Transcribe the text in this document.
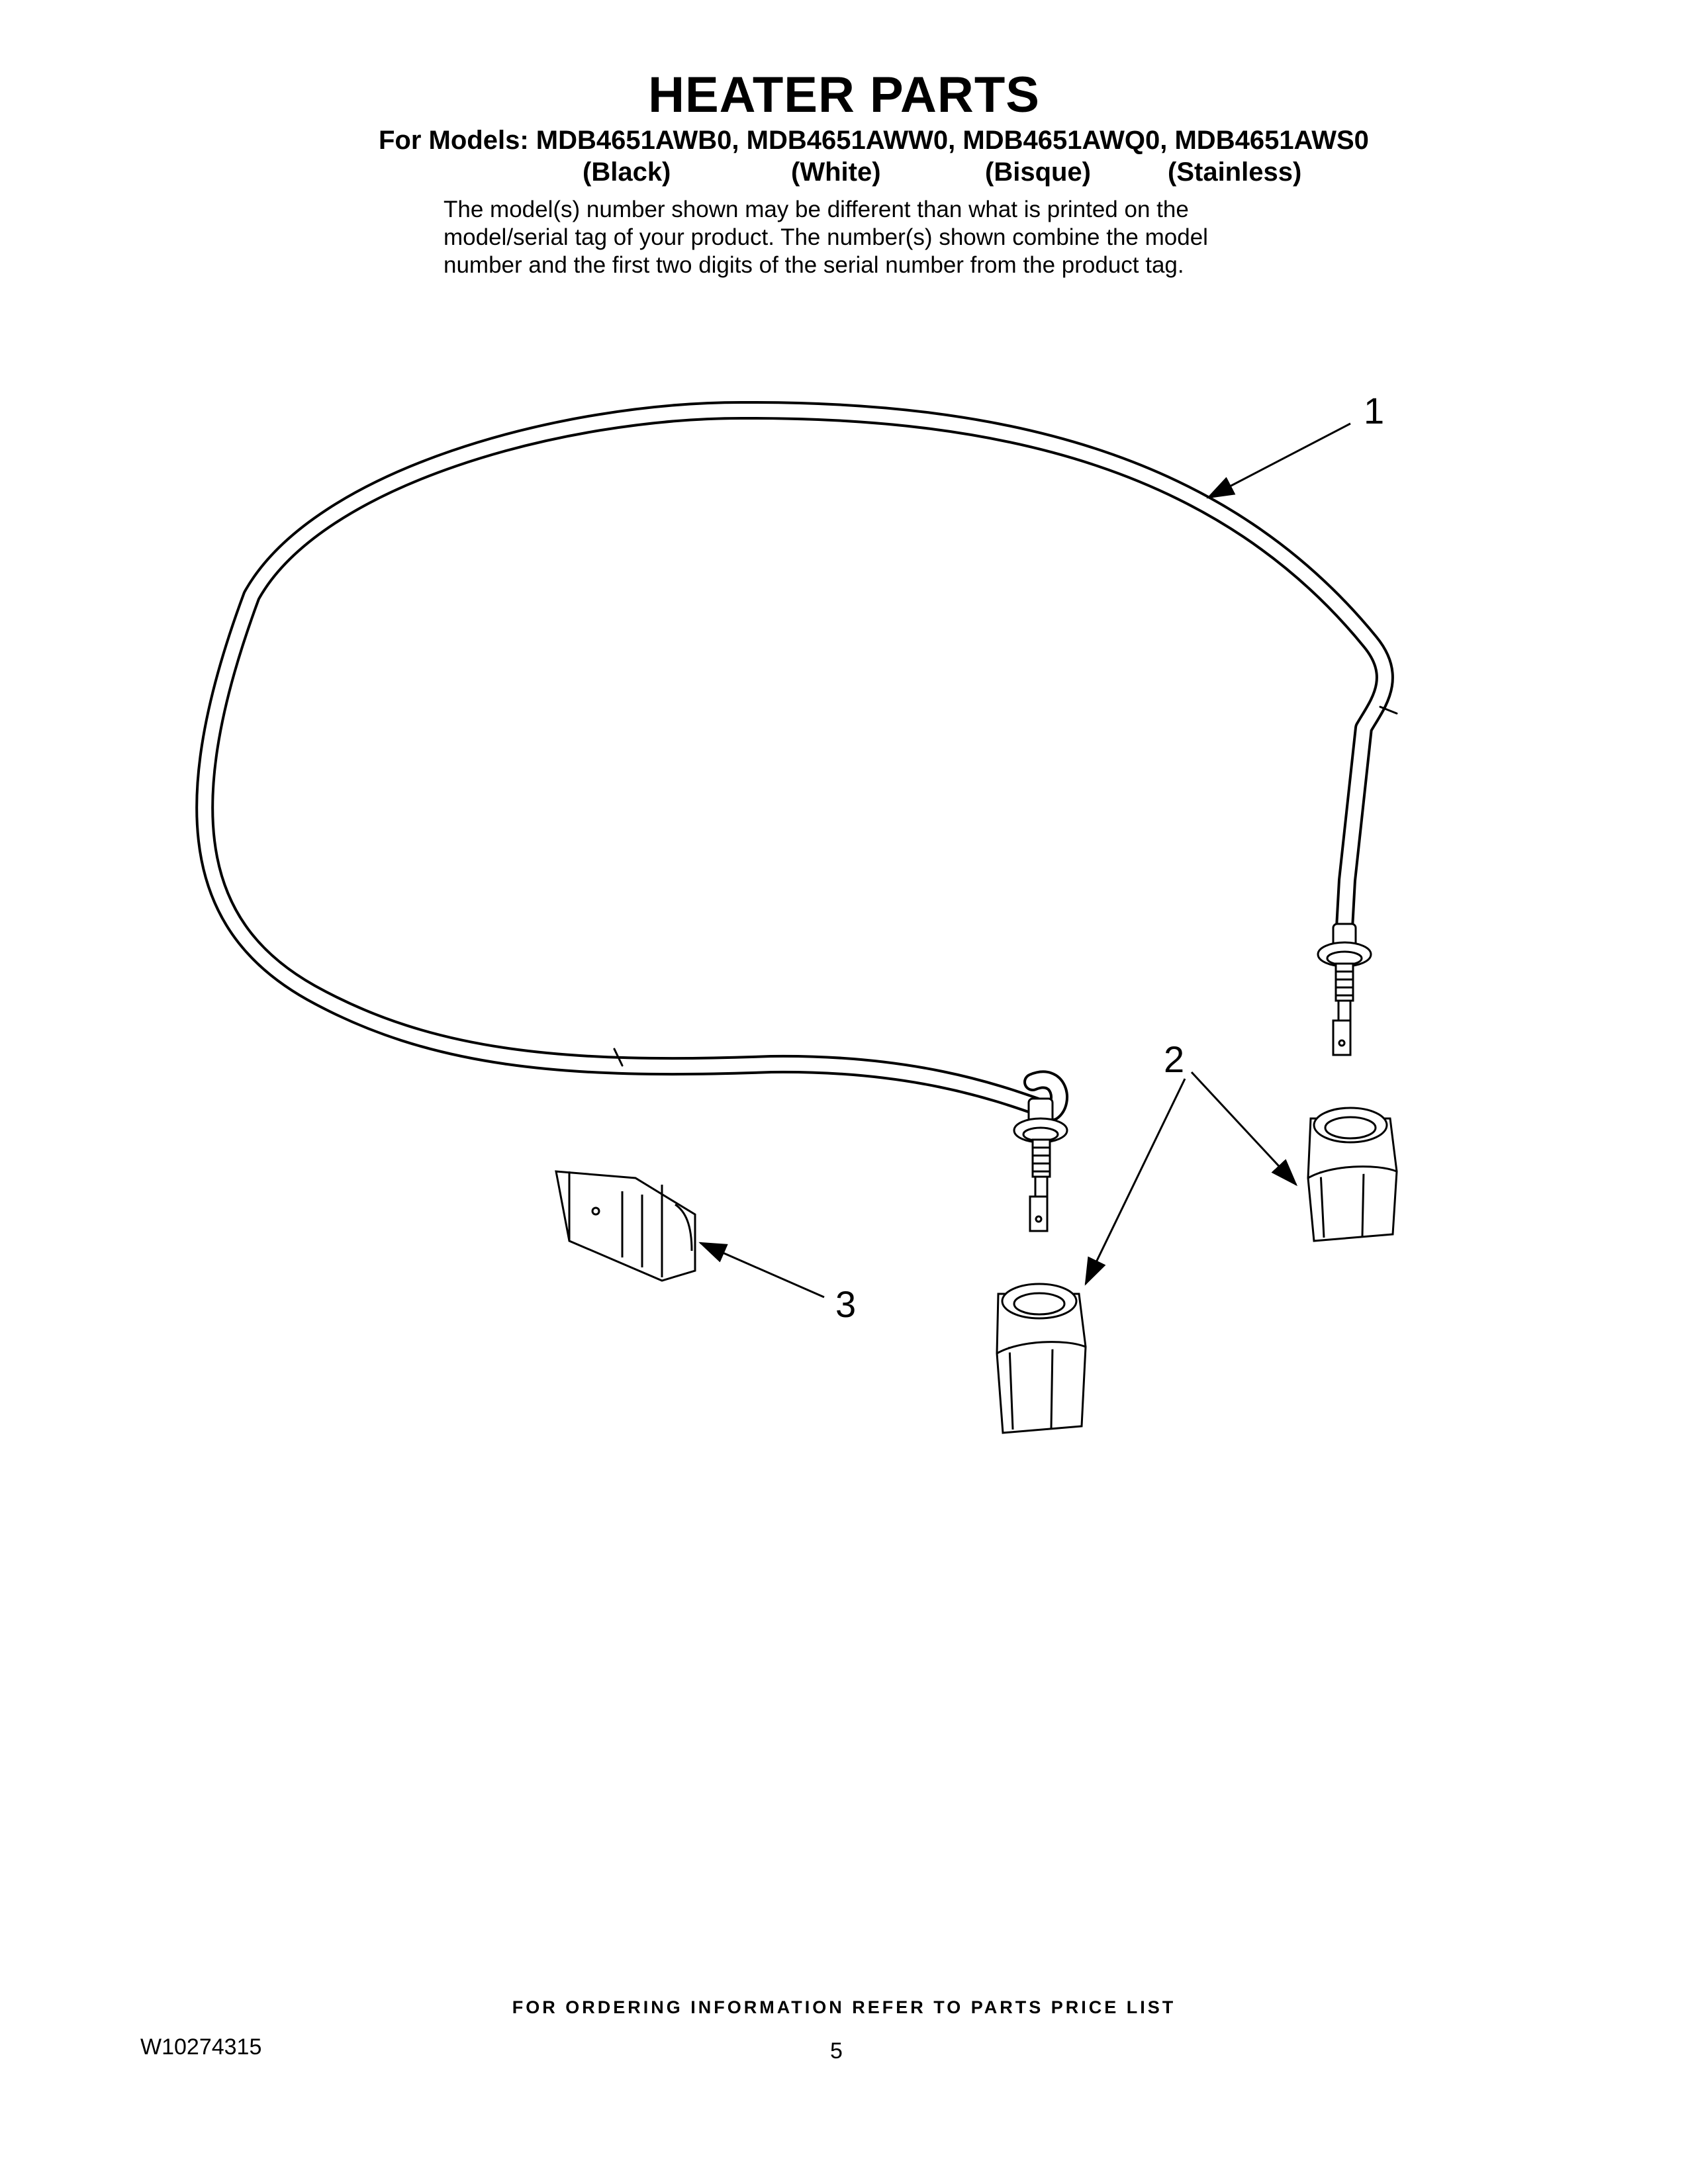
HEATER PARTS
For Models: MDB4651AWB0, MDB4651AWW0, MDB4651AWQ0, MDB4651AWS0
(Black)	(White)	(Bisque)	(Stainless)
The model(s) number shown may be different than what is printed on the
model/serial tag of your product. The number(s) shown combine the model
number and the first two digits of the serial number from the product tag.
1
2
3
FOR ORDERING INFORMATION REFER TO PARTS PRICE LIST
W10274315	5
